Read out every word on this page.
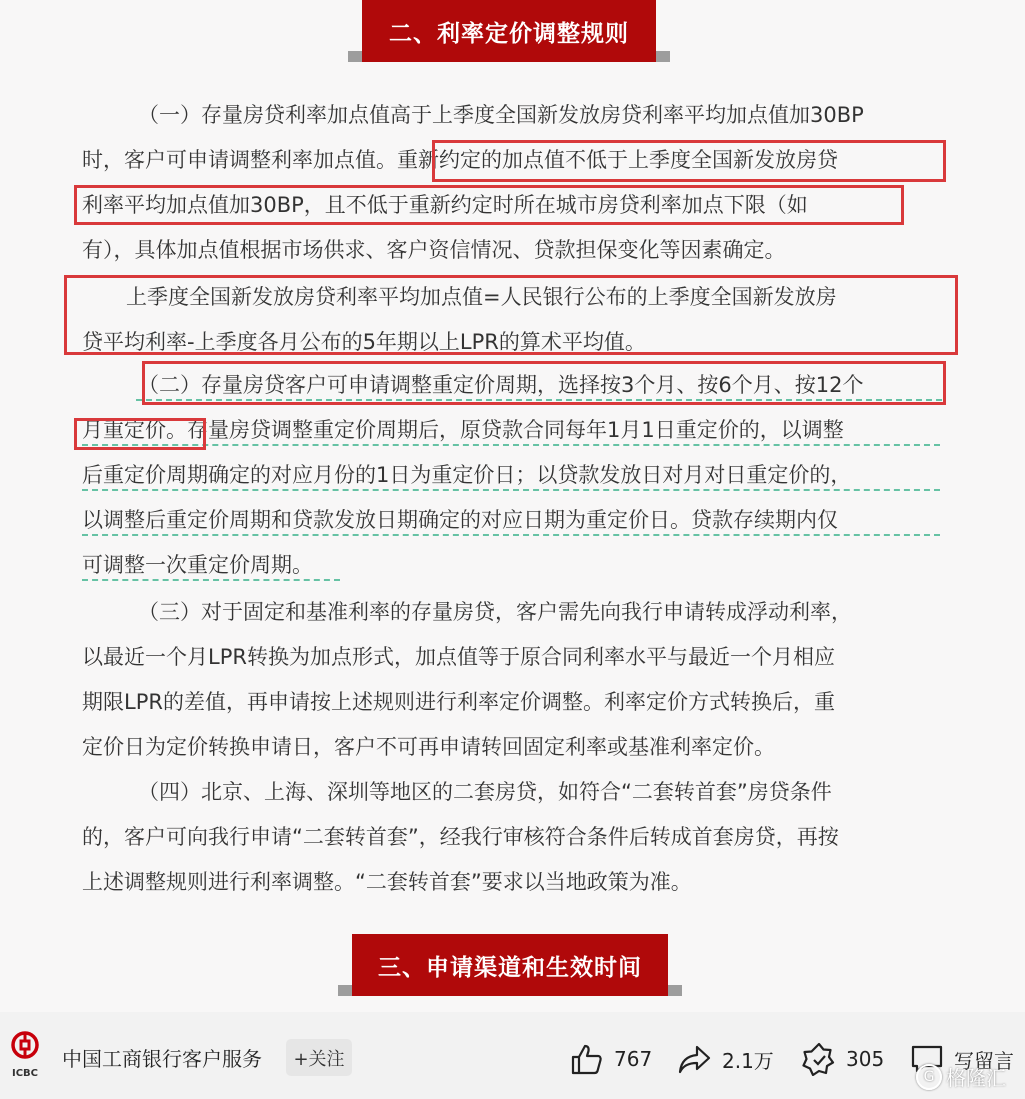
二、利率定价调整规则
（一）存量房贷利率加点值高于上季度全国新发放房贷利率平均加点值加30BP
时，客户可申请调整利率加点值。重新约定的加点值不低于上季度全国新发放房贷
利率平均加点值加30BP，且不低于重新约定时所在城市房贷利率加点下限（如
有），具体加点值根据市场供求、客户资信情况、贷款担保变化等因素确定。
上季度全国新发放房贷利率平均加点值=人民银行公布的上季度全国新发放房
贷平均利率-上季度各月公布的5年期以上LPR的算术平均值。
（二）存量房贷客户可申请调整重定价周期，选择按3个月、按6个月、按12个
月重定价。存量房贷调整重定价周期后，原贷款合同每年1月1日重定价的，以调整
后重定价周期确定的对应月份的1日为重定价日；以贷款发放日对月对日重定价的，
以调整后重定价周期和贷款发放日期确定的对应日期为重定价日。贷款存续期内仅
可调整一次重定价周期。
（三）对于固定和基准利率的存量房贷，客户需先向我行申请转成浮动利率，
以最近一个月LPR转换为加点形式，加点值等于原合同利率水平与最近一个月相应
期限LPR的差值，再申请按上述规则进行利率定价调整。利率定价方式转换后，重
定价日为定价转换申请日，客户不可再申请转回固定利率或基准利率定价。
（四）北京、上海、深圳等地区的二套房贷，如符合“二套转首套”房贷条件
的，客户可向我行申请“二套转首套”，经我行审核符合条件后转成首套房贷，再按
上述调整规则进行利率调整。“二套转首套”要求以当地政策为准。
三、申请渠道和生效时间
ICBC
中国工商银行客户服务	+关注	767	2.1万	305	写留言
G 格隆汇
